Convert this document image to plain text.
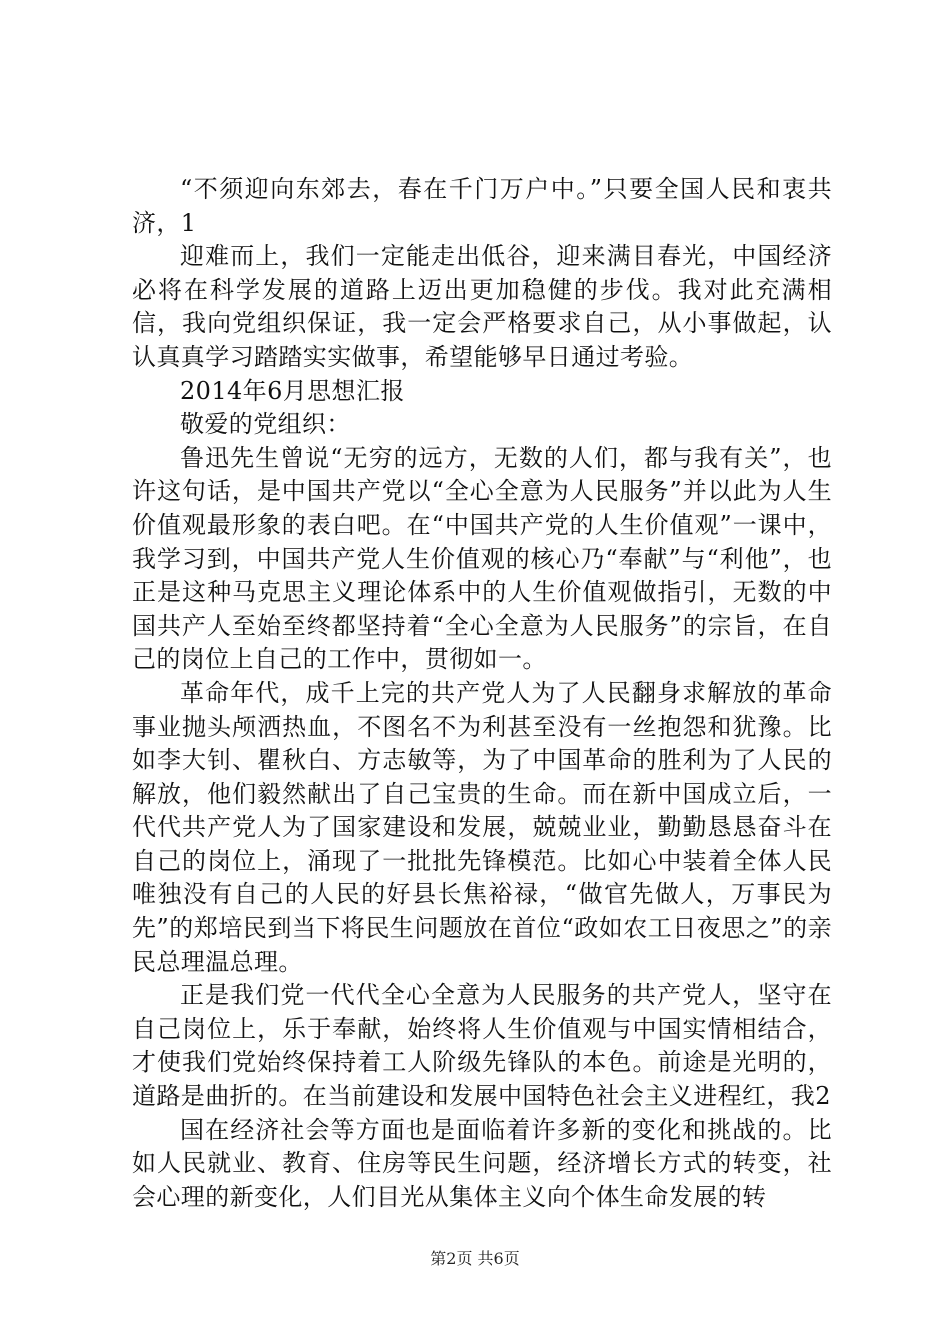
“不须迎向东郊去，春在千门万户中。”只要全国人民和衷共济，1

迎难而上，我们一定能走出低谷，迎来满目春光，中国经济必将在科学发展的道路上迈出更加稳健的步伐。我对此充满相信，我向党组织保证，我一定会严格要求自己，从小事做起，认认真真学习踏踏实实做事，希望能够早日通过考验。

2014年6月思想汇报

敬爱的党组织：

鲁迅先生曾说“无穷的远方，无数的人们，都与我有关”，也许这句话，是中国共产党以“全心全意为人民服务”并以此为人生价值观最形象的表白吧。在“中国共产党的人生价值观”一课中，我学习到，中国共产党人生价值观的核心乃“奉献”与“利他”，也正是这种马克思主义理论体系中的人生价值观做指引，无数的中国共产人至始至终都坚持着“全心全意为人民服务”的宗旨，在自己的岗位上自己的工作中，贯彻如一。

革命年代，成千上完的共产党人为了人民翻身求解放的革命事业抛头颅洒热血，不图名不为利甚至没有一丝抱怨和犹豫。比如李大钊、瞿秋白、方志敏等，为了中国革命的胜利为了人民的解放，他们毅然献出了自己宝贵的生命。而在新中国成立后，一代代共产党人为了国家建设和发展，兢兢业业，勤勤恳恳奋斗在自己的岗位上，涌现了一批批先锋模范。比如心中装着全体人民唯独没有自己的人民的好县长焦裕禄，“做官先做人，万事民为先”的郑培民到当下将民生问题放在首位“政如农工日夜思之”的亲民总理温总理。

正是我们党一代代全心全意为人民服务的共产党人，坚守在自己岗位上，乐于奉献，始终将人生价值观与中国实情相结合，才使我们党始终保持着工人阶级先锋队的本色。前途是光明的，道路是曲折的。在当前建设和发展中国特色社会主义进程红，我2

国在经济社会等方面也是面临着许多新的变化和挑战的。比如人民就业、教育、住房等民生问题，经济增长方式的转变，社会心理的新变化，人们目光从集体主义向个体生命发展的转

第2页 共6页
